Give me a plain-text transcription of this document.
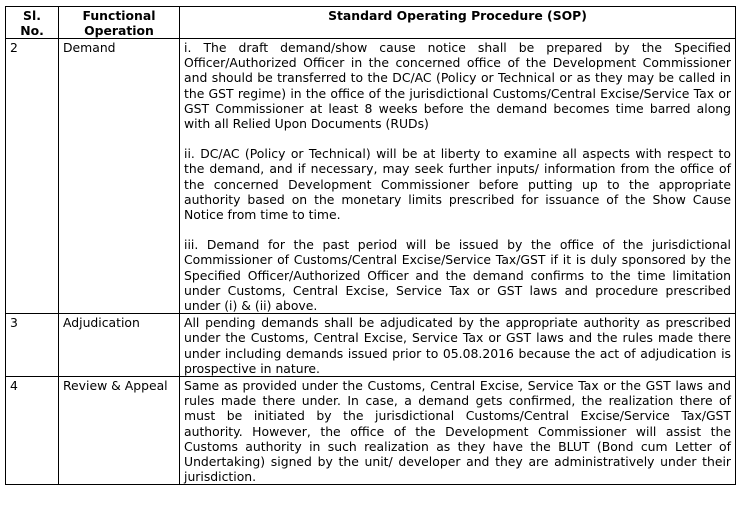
Sl. No.	Functional Operation	Standard Operating Procedure (SOP)
2	Demand	i. The draft demand/show cause notice shall be prepared by the Specified Officer/Authorized Officer in the concerned office of the Development Commissioner and should be transferred to the DC/AC (Policy or Technical or as they may be called in the GST regime) in the office of the jurisdictional Customs/Central Excise/Service Tax or GST Commissioner at least 8 weeks before the demand becomes time barred along with all Relied Upon Documents (RUDs)

ii. DC/AC (Policy or Technical) will be at liberty to examine all aspects with respect to the demand, and if necessary, may seek further inputs/ information from the office of the concerned Development Commissioner before putting up to the appropriate authority based on the monetary limits prescribed for issuance of the Show Cause Notice from time to time.

iii. Demand for the past period will be issued by the office of the jurisdictional Commissioner of Customs/Central Excise/Service Tax/GST if it is duly sponsored by the Specified Officer/Authorized Officer and the demand confirms to the time limitation under Customs, Central Excise, Service Tax or GST laws and procedure prescribed under (i) & (ii) above.

3	Adjudication	All pending demands shall be adjudicated by the appropriate authority as prescribed under the Customs, Central Excise, Service Tax or GST laws and the rules made there under including demands issued prior to 05.08.2016 because the act of adjudication is prospective in nature.

4	Review & Appeal	Same as provided under the Customs, Central Excise, Service Tax or the GST laws and rules made there under. In case, a demand gets confirmed, the realization there of must be initiated by the jurisdictional Customs/Central Excise/Service Tax/GST authority. However, the office of the Development Commissioner will assist the Customs authority in such realization as they have the BLUT (Bond cum Letter of Undertaking) signed by the unit/ developer and they are administratively under their jurisdiction.
